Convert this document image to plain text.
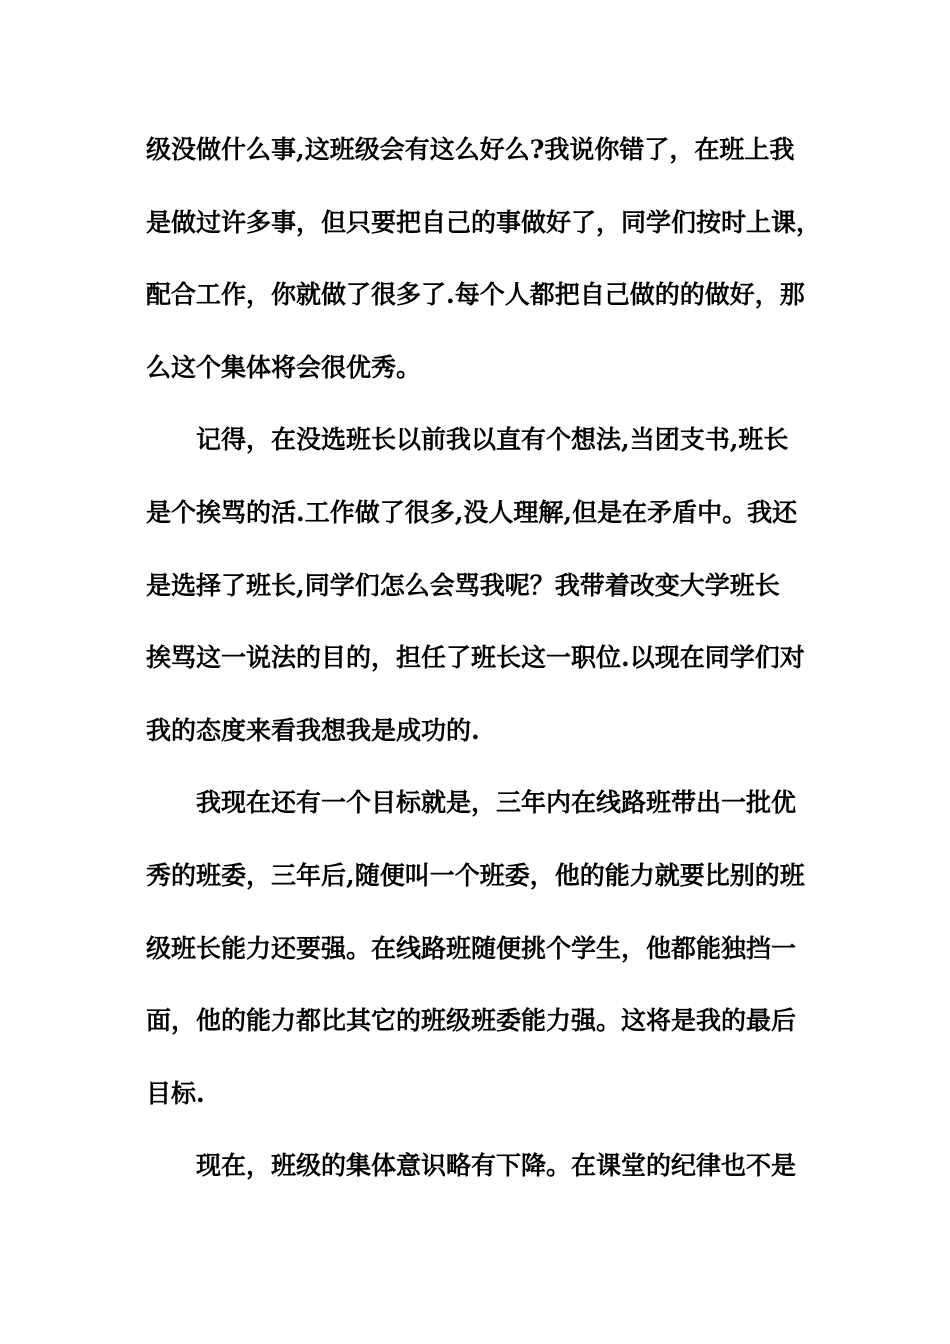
级没做什么事,这班级会有这么好么?我说你错了，在班上我
是做过许多事，但只要把自己的事做好了，同学们按时上课，
配合工作，你就做了很多了.每个人都把自己做的的做好，那
么这个集体将会很优秀。
记得，在没选班长以前我以直有个想法,当团支书,班长
是个挨骂的活.工作做了很多,没人理解,但是在矛盾中。我还
是选择了班长,同学们怎么会骂我呢？我带着改变大学班长
挨骂这一说法的目的，担任了班长这一职位.以现在同学们对
我的态度来看我想我是成功的.
我现在还有一个目标就是，三年内在线路班带出一批优
秀的班委，三年后,随便叫一个班委，他的能力就要比别的班
级班长能力还要强。在线路班随便挑个学生，他都能独挡一
面，他的能力都比其它的班级班委能力强。这将是我的最后
目标.
现在，班级的集体意识略有下降。在课堂的纪律也不是
